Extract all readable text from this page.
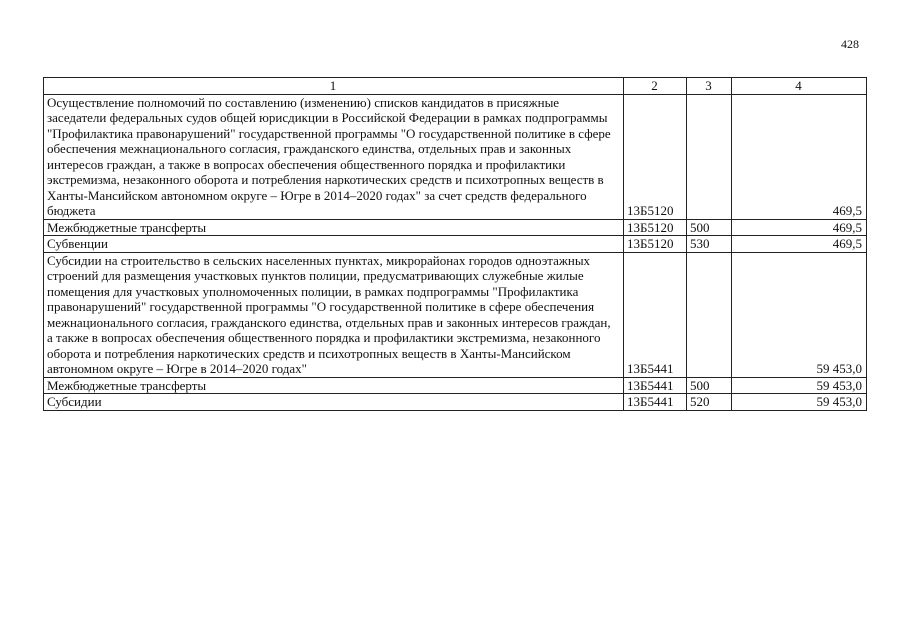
428
1	2	3	4
Осуществление полномочий по составлению (изменению) списков кандидатов в присяжные заседатели федеральных судов общей юрисдикции в Российской Федерации в рамках подпрограммы "Профилактика правонарушений" государственной программы "О государственной политике в сфере обеспечения межнационального согласия, гражданского единства, отдельных прав и законных интересов граждан, а также в вопросах обеспечения общественного порядка и профилактики экстремизма, незаконного оборота и потребления наркотических средств и психотропных веществ в Ханты-Мансийском автономном округе – Югре в 2014–2020 годах" за счет средств федерального бюджета	13Б5120		469,5
Межбюджетные трансферты	13Б5120	500	469,5
Субвенции	13Б5120	530	469,5
Субсидии на строительство в сельских населенных пунктах, микрорайонах городов одноэтажных строений для размещения участковых пунктов полиции, предусматривающих служебные жилые помещения для участковых уполномоченных полиции, в рамках подпрограммы "Профилактика правонарушений" государственной программы "О государственной политике в сфере обеспечения межнационального согласия, гражданского единства, отдельных прав и законных интересов граждан, а также в вопросах обеспечения общественного порядка и профилактики экстремизма, незаконного оборота и потребления наркотических средств и психотропных веществ в Ханты-Мансийском автономном округе – Югре в 2014–2020 годах"	13Б5441		59 453,0
Межбюджетные трансферты	13Б5441	500	59 453,0
Субсидии	13Б5441	520	59 453,0
